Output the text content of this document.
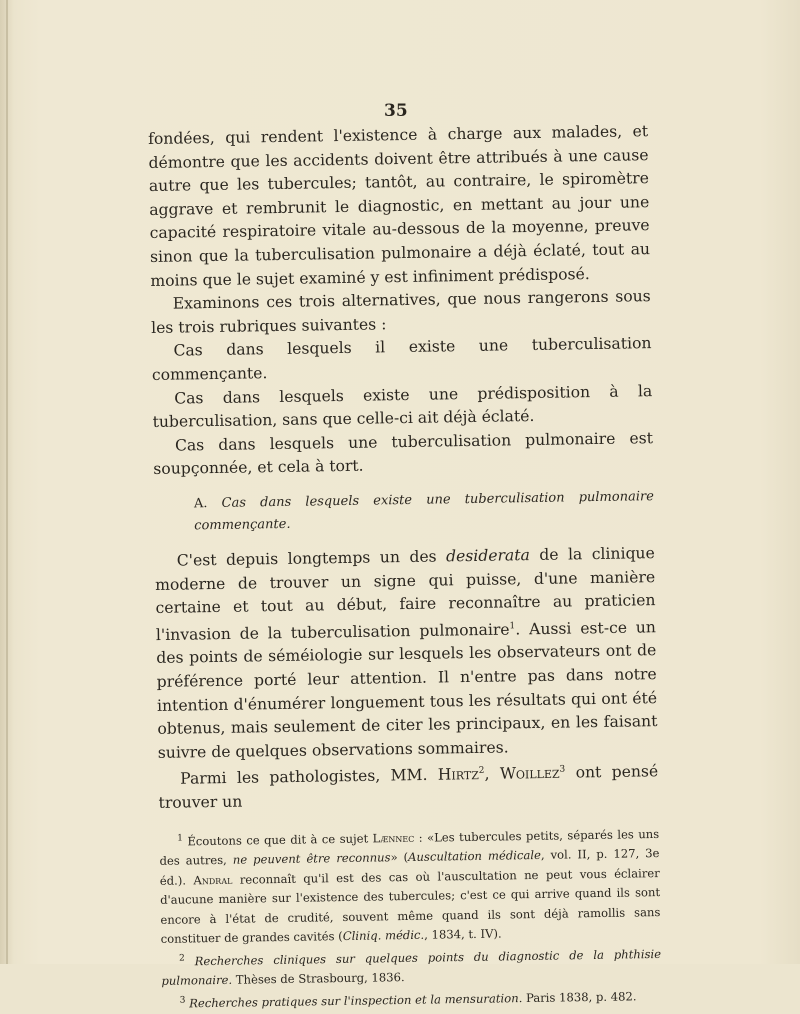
35

fondées, qui rendent l'existence à charge aux malades, et démontre que les accidents doivent être attribués à une cause autre que les tubercules; tantôt, au contraire, le spiromètre aggrave et rembrunit le diagnostic, en mettant au jour une capacité respiratoire vitale au-dessous de la moyenne, preuve sinon que la tuberculisation pulmonaire a déjà éclaté, tout au moins que le sujet examiné y est infiniment prédisposé.

Examinons ces trois alternatives, que nous rangerons sous les trois rubriques suivantes :

Cas dans lesquels il existe une tuberculisation commençante.

Cas dans lesquels existe une prédisposition à la tuberculisation, sans que celle-ci ait déjà éclaté.

Cas dans lesquels une tuberculisation pulmonaire est soupçonnée, et cela à tort.

A. Cas dans lesquels existe une tuberculisation pulmonaire commençante.

C'est depuis longtemps un des desiderata de la clinique moderne de trouver un signe qui puisse, d'une manière certaine et tout au début, faire reconnaître au praticien l'invasion de la tuberculisation pulmonaire$^1$. Aussi est-ce un des points de séméiologie sur lesquels les observateurs ont de préférence porté leur attention. Il n'entre pas dans notre intention d'énumérer longuement tous les résultats qui ont été obtenus, mais seulement de citer les principaux, en les faisant suivre de quelques observations sommaires.

Parmi les pathologistes, MM. Hirtz$^2$, Woillez$^3$ ont pensé trouver un

$^1$ Écoutons ce que dit à ce sujet Lænnec : «Les tubercules petits, séparés les uns des autres, ne peuvent être reconnus» (Auscultation médicale, vol. II, p. 127, 3e éd.). Andral reconnaît qu'il est des cas où l'auscultation ne peut vous éclairer d'aucune manière sur l'existence des tubercules; c'est ce qui arrive quand ils sont encore à l'état de crudité, souvent même quand ils sont déjà ramollis sans constituer de grandes cavités (Cliniq. médic., 1834, t. IV).

$^2$ Recherches cliniques sur quelques points du diagnostic de la phthisie pulmonaire. Thèses de Strasbourg, 1836.

$^3$ Recherches pratiques sur l'inspection et la mensuration. Paris 1838, p. 482.
